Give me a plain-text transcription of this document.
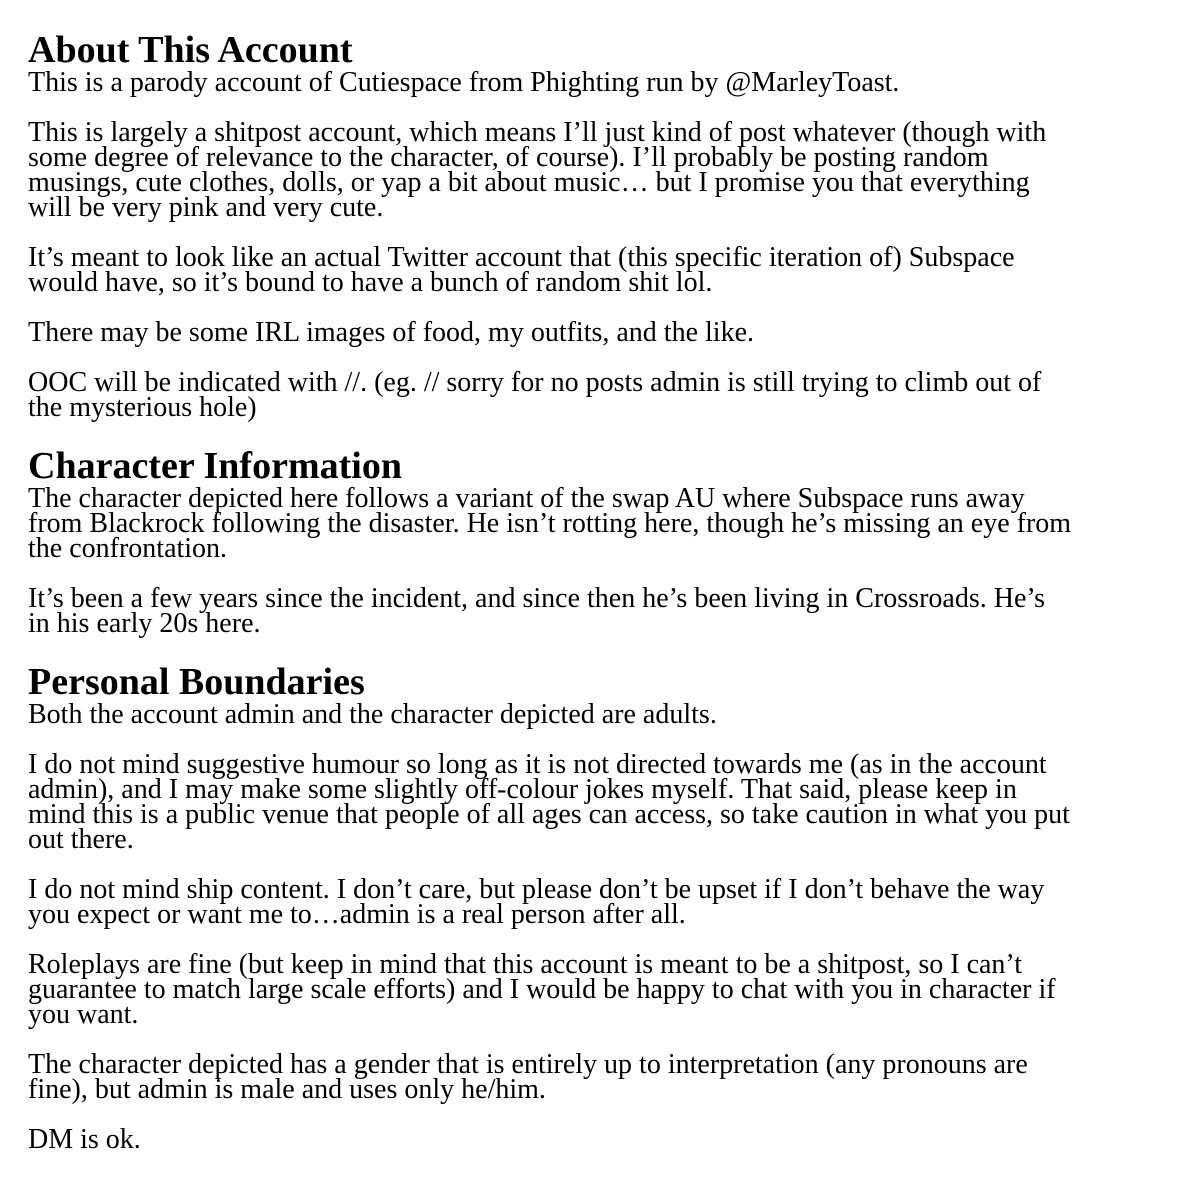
About This Account

This is a parody account of Cutiespace from Phighting run by @MarleyToast.

This is largely a shitpost account, which means I’ll just kind of post whatever (though with
some degree of relevance to the character, of course). I’ll probably be posting random
musings, cute clothes, dolls, or yap a bit about music… but I promise you that everything
will be very pink and very cute.

It’s meant to look like an actual Twitter account that (this specific iteration of) Subspace
would have, so it’s bound to have a bunch of random shit lol.

There may be some IRL images of food, my outfits, and the like.

OOC will be indicated with //. (eg. // sorry for no posts admin is still trying to climb out of
the mysterious hole)

Character Information

The character depicted here follows a variant of the swap AU where Subspace runs away
from Blackrock following the disaster. He isn’t rotting here, though he’s missing an eye from
the confrontation.

It’s been a few years since the incident, and since then he’s been living in Crossroads. He’s
in his early 20s here.

Personal Boundaries

Both the account admin and the character depicted are adults.

I do not mind suggestive humour so long as it is not directed towards me (as in the account
admin), and I may make some slightly off-colour jokes myself. That said, please keep in
mind this is a public venue that people of all ages can access, so take caution in what you put
out there.

I do not mind ship content. I don’t care, but please don’t be upset if I don’t behave the way
you expect or want me to…admin is a real person after all.

Roleplays are fine (but keep in mind that this account is meant to be a shitpost, so I can’t
guarantee to match large scale efforts) and I would be happy to chat with you in character if
you want.

The character depicted has a gender that is entirely up to interpretation (any pronouns are
fine), but admin is male and uses only he/him.

DM is ok.
